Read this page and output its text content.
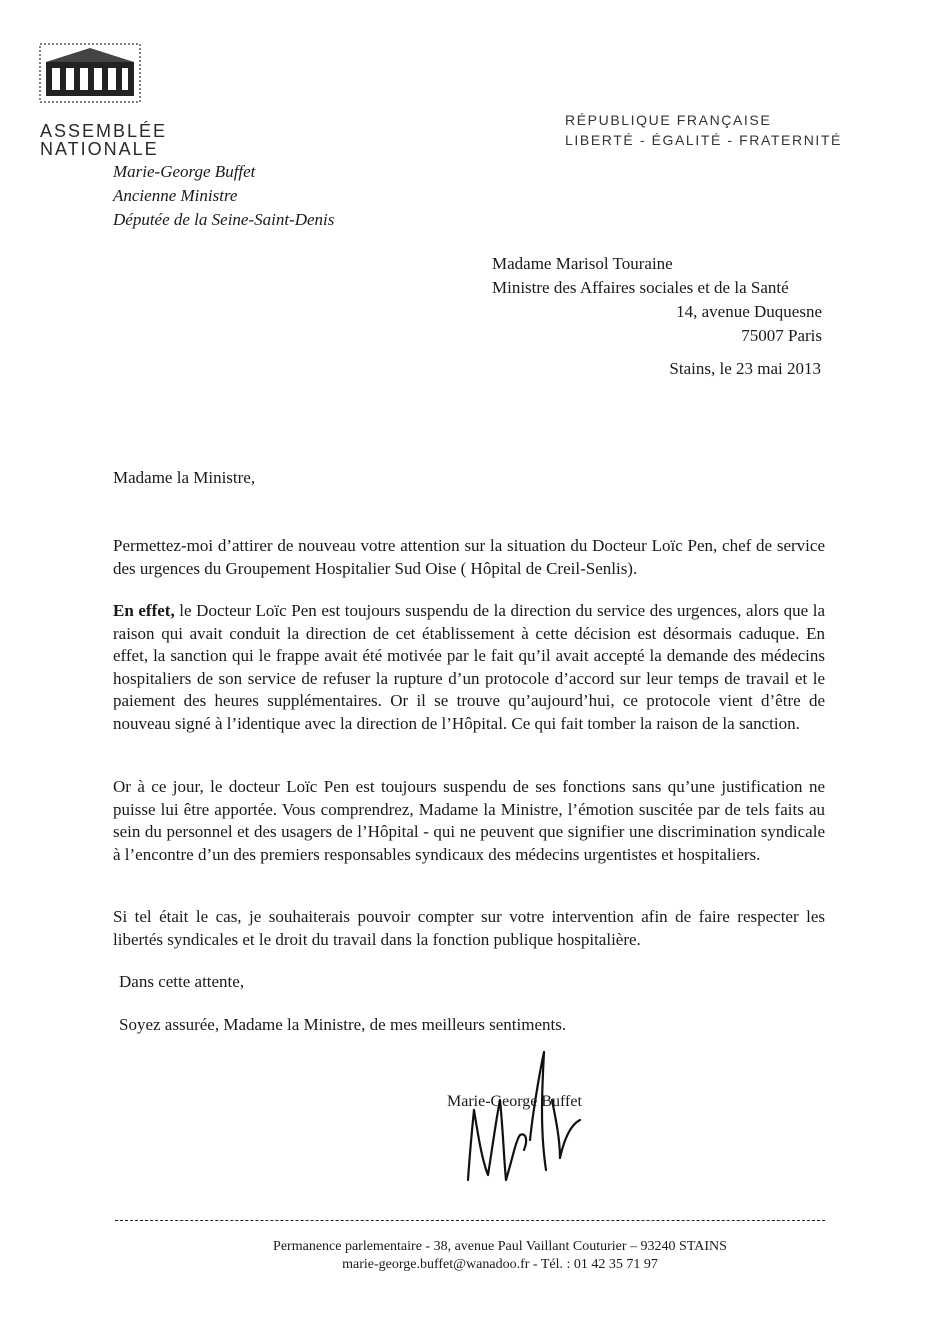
ASSEMBLÉE
NATIONALE
RÉPUBLIQUE FRANÇAISE
LIBERTÉ - ÉGALITÉ - FRATERNITÉ
Marie-George Buffet
Ancienne Ministre
Députée de la Seine-Saint-Denis
Madame Marisol Touraine
Ministre des Affaires sociales et de la Santé
14, avenue Duquesne
75007 Paris
Stains, le 23 mai 2013
Madame la Ministre,
Permettez-moi d’attirer de nouveau votre attention sur la situation du Docteur Loïc Pen, chef de service des urgences du Groupement Hospitalier Sud Oise ( Hôpital de Creil-Senlis).
En effet, le Docteur Loïc Pen est toujours suspendu de la direction du service des urgences, alors que la raison qui avait conduit la direction de cet établissement à cette décision est désormais caduque. En effet, la sanction qui le frappe avait été motivée par le fait qu’il avait accepté la demande des médecins hospitaliers de son service de refuser la rupture d’un protocole d’accord sur leur temps de travail et le paiement des heures supplémentaires. Or il se trouve qu’aujourd’hui, ce protocole vient d’être de nouveau signé à l’identique avec la direction de l’Hôpital. Ce qui fait tomber la raison de la sanction.
Or à ce jour, le docteur Loïc Pen est toujours suspendu de ses fonctions sans qu’une justification ne puisse lui être apportée. Vous comprendrez, Madame la Ministre, l’émotion suscitée par de tels faits au sein du personnel et des usagers de l’Hôpital - qui ne peuvent que signifier une discrimination syndicale à l’encontre d’un des premiers responsables syndicaux des médecins urgentistes et hospitaliers.
Si tel était le cas, je souhaiterais pouvoir compter sur votre intervention afin de faire respecter les libertés syndicales et le droit du travail dans la fonction publique hospitalière.
Dans cette attente,
Soyez assurée, Madame la Ministre, de mes meilleurs sentiments.
Marie-George Buffet
Permanence parlementaire - 38, avenue Paul Vaillant Couturier – 93240 STAINS
marie-george.buffet@wanadoo.fr - Tél. : 01 42 35 71 97
